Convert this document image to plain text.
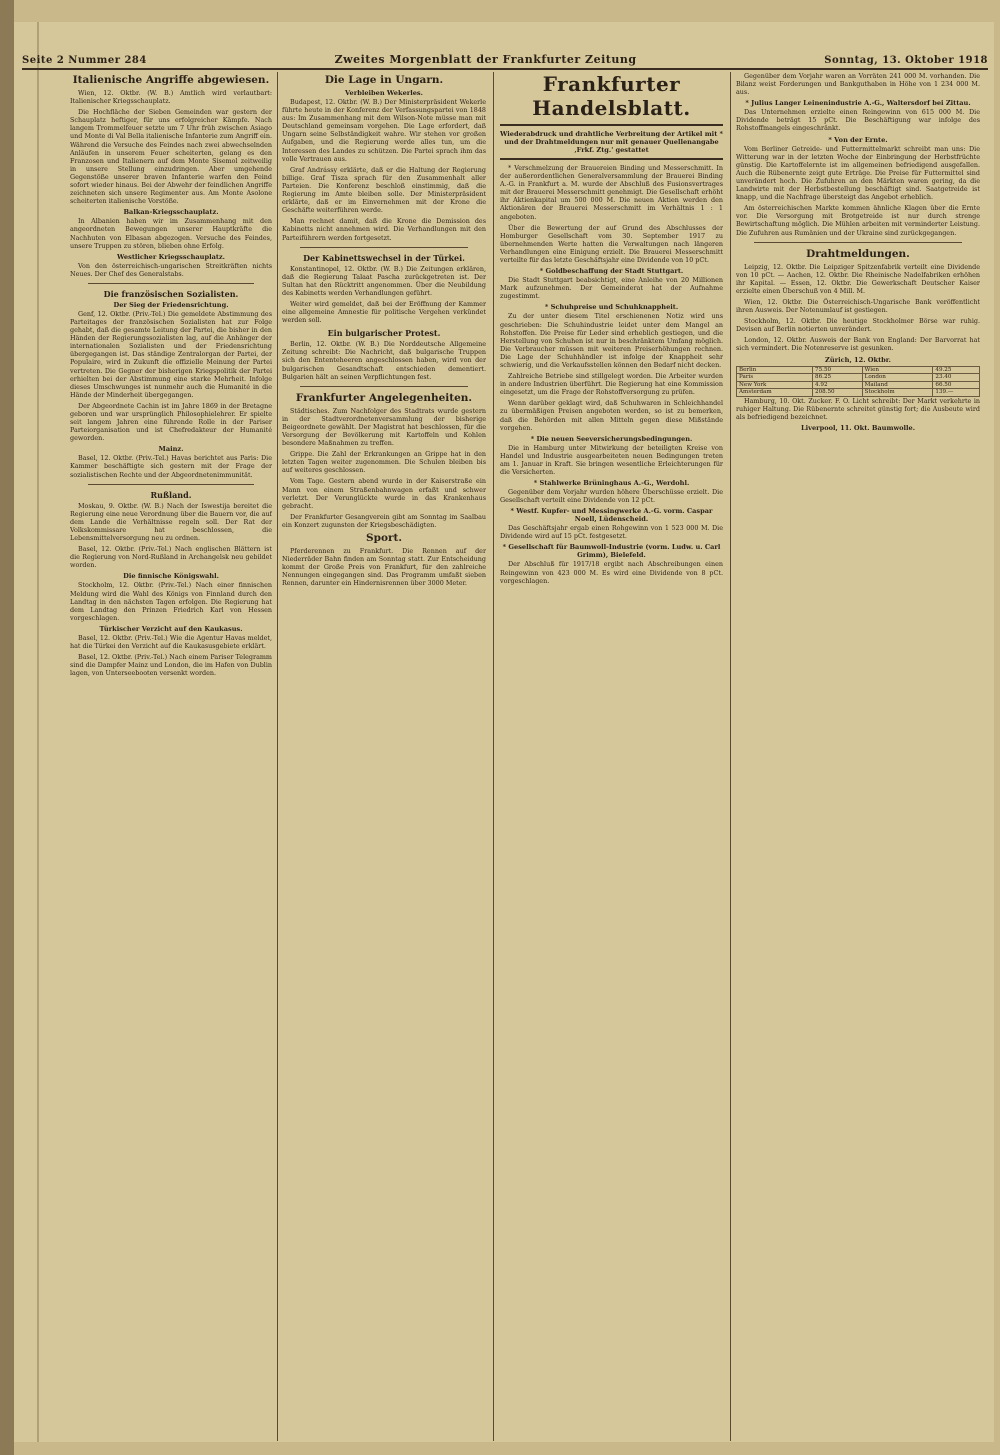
Seite 2 Nummer 284	Zweites Morgenblatt der Frankfurter Zeitung	Sonntag, 13. Oktober 1918
Italienische Angriffe abgewiesen.

Wien, 12. Oktbr. (W. B.) Amtlich wird verlautbart: Italienischer Kriegsschauplatz.

Die Hochfläche der Sieben Gemeinden war gestern der Schauplatz heftiger, für uns erfolgreicher Kämpfe. Nach langem Trommelfeuer setzte um 7 Uhr früh zwischen Asiago und Monte di Val Bella italienische Infanterie zum Angriff ein. Während die Versuche des Feindes nach zwei abwechselnden Anläufen in unserem Feuer scheiterten, gelang es den Franzosen und Italienern auf dem Monte Sisemol zeitweilig in unsere Stellung einzudringen. Aber umgehende Gegenstöße unserer braven Infanterie warfen den Feind sofort wieder hinaus. Bei der Abwehr der feindlichen Angriffe zeichneten sich unsere Regimenter aus. Am Monte Asolone scheiterten italienische Vorstöße.

Balkan-Kriegsschauplatz.

In Albanien haben wir im Zusammenhang mit den angeordneten Bewegungen unserer Hauptkräfte die Nachhuten von Elbasan abgezogen. Versuche des Feindes, unsere Truppen zu stören, blieben ohne Erfolg.

Westlicher Kriegsschauplatz.

Von den österreichisch-ungarischen Streitkräften nichts Neues. Der Chef des Generalstabs.

Die französischen Sozialisten.
Der Sieg der Friedensrichtung.

Genf, 12. Oktbr. (Priv.-Tel.) Die gemeldete Abstimmung des Parteitages der französischen Sozialisten hat zur Folge gehabt, daß die gesamte Leitung der Partei, die bisher in den Händen der Regierungssozialisten lag, auf die Anhänger der internationalen Sozialisten und der Friedensrichtung übergegangen ist. Das ständige Zentralorgan der Partei, der Populaire, wird in Zukunft die offizielle Meinung der Partei vertreten. Die Gegner der bisherigen Kriegspolitik der Partei erhielten bei der Abstimmung eine starke Mehrheit. Infolge dieses Umschwunges ist nunmehr auch die Humanité in die Hände der Minderheit übergegangen.

Der Abgeordnete Cachin ist im Jahre 1869 in der Bretagne geboren und war ursprünglich Philosophielehrer. Er spielte seit langem Jahren eine führende Rolle in der Pariser Parteiorganisation und ist Chefredakteur der Humanité geworden.

Mainz.

Basel, 12. Oktbr. (Priv.-Tel.) Havas berichtet aus Paris: Die Kammer beschäftigte sich gestern mit der Frage der sozialistischen Rechte und der Abgeordnetenimmunität.

Rußland.

Moskau, 9. Oktbr. (W. B.) Nach der Iswestija bereitet die Regierung eine neue Verordnung über die Bauern vor, die auf dem Lande die Verhältnisse regeln soll. Der Rat der Volkskommissare hat beschlossen, die Lebensmittelversorgung neu zu ordnen.

Basel, 12. Oktbr. (Priv.-Tel.) Nach englischen Blättern ist die Regierung von Nord-Rußland in Archangelsk neu gebildet worden.

Die finnische Königswahl.

Stockholm, 12. Oktbr. (Priv.-Tel.) Nach einer finnischen Meldung wird die Wahl des Königs von Finnland durch den Landtag in den nächsten Tagen erfolgen. Die Regierung hat dem Landtag den Prinzen Friedrich Karl von Hessen vorgeschlagen.

Türkischer Verzicht auf den Kaukasus.

Basel, 12. Oktbr. (Priv.-Tel.) Wie die Agentur Havas meldet, hat die Türkei den Verzicht auf die Kaukasusgebiete erklärt.

Basel, 12. Oktbr. (Priv.-Tel.) Nach einem Pariser Telegramm sind die Dampfer Mainz und London, die im Hafen von Dublin lagen, von Unterseebooten versenkt worden.

Die Lage in Ungarn.
Verbleiben Wekerles.

Budapest, 12. Oktbr. (W. B.) Der Ministerpräsident Wekerle führte heute in der Konferenz der Verfassungspartei von 1848 aus: Im Zusammenhang mit dem Wilson-Note müsse man mit Deutschland gemeinsam vorgehen. Die Lage erfordert, daß Ungarn seine Selbständigkeit wahre. Wir stehen vor großen Aufgaben, und die Regierung werde alles tun, um die Interessen des Landes zu schützen. Die Partei sprach ihm das volle Vertrauen aus.

Graf Andrássy erklärte, daß er die Haltung der Regierung billige. Graf Tisza sprach für den Zusammenhalt aller Parteien. Die Konferenz beschloß einstimmig, daß die Regierung im Amte bleiben solle. Der Ministerpräsident erklärte, daß er im Einvernehmen mit der Krone die Geschäfte weiterführen werde.

Man rechnet damit, daß die Krone die Demission des Kabinetts nicht annehmen wird. Die Verhandlungen mit den Parteiführern werden fortgesetzt.

Der Kabinettswechsel in der Türkei.

Konstantinopel, 12. Oktbr. (W. B.) Die Zeitungen erklären, daß die Regierung Talaat Pascha zurückgetreten ist. Der Sultan hat den Rücktritt angenommen. Über die Neubildung des Kabinetts werden Verhandlungen geführt.

Weiter wird gemeldet, daß bei der Eröffnung der Kammer eine allgemeine Amnestie für politische Vergehen verkündet werden soll.

Ein bulgarischer Protest.

Berlin, 12. Oktbr. (W. B.) Die Norddeutsche Allgemeine Zeitung schreibt: Die Nachricht, daß bulgarische Truppen sich den Ententeheeren angeschlossen haben, wird von der bulgarischen Gesandtschaft entschieden dementiert. Bulgarien hält an seinen Verpflichtungen fest.

Frankfurter Angelegenheiten.

Städtisches. Zum Nachfolger des Stadtrats wurde gestern in der Stadtverordnetenversammlung der bisherige Beigeordnete gewählt. Der Magistrat hat beschlossen, für die Versorgung der Bevölkerung mit Kartoffeln und Kohlen besondere Maßnahmen zu treffen.

Grippe. Die Zahl der Erkrankungen an Grippe hat in den letzten Tagen weiter zugenommen. Die Schulen bleiben bis auf weiteres geschlossen.

Vom Tage. Gestern abend wurde in der Kaiserstraße ein Mann von einem Straßenbahnwagen erfaßt und schwer verletzt. Der Verunglückte wurde in das Krankenhaus gebracht.

Der Frankfurter Gesangverein gibt am Sonntag im Saalbau ein Konzert zugunsten der Kriegsbeschädigten.

Sport.

Pferderennen zu Frankfurt. Die Rennen auf der Niederräder Bahn finden am Sonntag statt. Zur Entscheidung kommt der Große Preis von Frankfurt, für den zahlreiche Nennungen eingegangen sind. Das Programm umfaßt sieben Rennen, darunter ein Hindernisrennen über 3000 Meter.

Frankfurter Handelsblatt.
Wiederabdruck und drahtliche Verbreitung der Artikel mit * und der Drahtmeldungen nur mit genauer Quellenangabe ‚Frkf. Ztg.' gestattet

* Verschmelzung der Brauereien Binding und Messerschmitt. In der außerordentlichen Generalversammlung der Brauerei Binding A.-G. in Frankfurt a. M. wurde der Abschluß des Fusionsvertrages mit der Brauerei Messerschmitt genehmigt. Die Gesellschaft erhöht ihr Aktienkapital um 500 000 M. Die neuen Aktien werden den Aktionären der Brauerei Messerschmitt im Verhältnis 1 : 1 angeboten.

Über die Bewertung der auf Grund des Abschlusses der Homburger Gesellschaft vom 30. September 1917 zu übernehmenden Werte hatten die Verwaltungen nach längeren Verhandlungen eine Einigung erzielt. Die Brauerei Messerschmitt verteilte für das letzte Geschäftsjahr eine Dividende von 10 pCt.

* Goldbeschaffung der Stadt Stuttgart.

Die Stadt Stuttgart beabsichtigt, eine Anleihe von 20 Millionen Mark aufzunehmen. Der Gemeinderat hat der Aufnahme zugestimmt.

* Schuhpreise und Schuhknappheit.

Zu der unter diesem Titel erschienenen Notiz wird uns geschrieben: Die Schuhindustrie leidet unter dem Mangel an Rohstoffen. Die Preise für Leder sind erheblich gestiegen, und die Herstellung von Schuhen ist nur in beschränktem Umfang möglich. Die Verbraucher müssen mit weiteren Preiserhöhungen rechnen. Die Lage der Schuhhändler ist infolge der Knappheit sehr schwierig, und die Verkaufsstellen können den Bedarf nicht decken.

Zahlreiche Betriebe sind stillgelegt worden. Die Arbeiter wurden in andere Industrien überführt. Die Regierung hat eine Kommission eingesetzt, um die Frage der Rohstoffversorgung zu prüfen.

Wenn darüber geklagt wird, daß Schuhwaren in Schleichhandel zu übermäßigen Preisen angeboten werden, so ist zu bemerken, daß die Behörden mit allen Mitteln gegen diese Mißstände vorgehen.

* Die neuen Seeversicherungsbedingungen.

Die in Hamburg unter Mitwirkung der beteiligten Kreise von Handel und Industrie ausgearbeiteten neuen Bedingungen treten am 1. Januar in Kraft. Sie bringen wesentliche Erleichterungen für die Versicherten.

* Stahlwerke Brüninghaus A.-G., Werdohl.

Gegenüber dem Vorjahr wurden höhere Überschüsse erzielt. Die Gesellschaft verteilt eine Dividende von 12 pCt.

* Westf. Kupfer- und Messingwerke A.-G. vorm. Caspar Noell, Lüdenscheid.

Das Geschäftsjahr ergab einen Rohgewinn von 1 523 000 M. Die Dividende wird auf 15 pCt. festgesetzt.

* Gesellschaft für Baumwoll-Industrie (vorm. Ludw. u. Carl Grimm), Bielefeld.

Der Abschluß für 1917/18 ergibt nach Abschreibungen einen Reingewinn von 423 000 M. Es wird eine Dividende von 8 pCt. vorgeschlagen.

Gegenüber dem Vorjahr waren an Vorräten 241 000 M. vorhanden. Die Bilanz weist Forderungen und Bankguthaben in Höhe von 1 234 000 M. aus.

* Julius Langer Leinenindustrie A.-G., Waltersdorf bei Zittau.

Das Unternehmen erzielte einen Reingewinn von 615 000 M. Die Dividende beträgt 15 pCt. Die Beschäftigung war infolge des Rohstoffmangels eingeschränkt.

* Von der Ernte.

Vom Berliner Getreide- und Futtermittelmarkt schreibt man uns: Die Witterung war in der letzten Woche der Einbringung der Herbstfrüchte günstig. Die Kartoffelernte ist im allgemeinen befriedigend ausgefallen. Auch die Rübenernte zeigt gute Erträge. Die Preise für Futtermittel sind unverändert hoch. Die Zufuhren an den Märkten waren gering, da die Landwirte mit der Herbstbestellung beschäftigt sind. Saatgetreide ist knapp, und die Nachfrage übersteigt das Angebot erheblich.

Am österreichischen Markte kommen ähnliche Klagen über die Ernte vor. Die Versorgung mit Brotgetreide ist nur durch strenge Bewirtschaftung möglich. Die Mühlen arbeiten mit verminderter Leistung. Die Zufuhren aus Rumänien und der Ukraine sind zurückgegangen.

Drahtmeldungen.

Leipzig, 12. Oktbr. Die Leipziger Spitzenfabrik verteilt eine Dividende von 10 pCt. — Aachen, 12. Oktbr. Die Rheinische Nadelfabriken erhöhen ihr Kapital. — Essen, 12. Oktbr. Die Gewerkschaft Deutscher Kaiser erzielte einen Überschuß von 4 Mill. M.

Wien, 12. Oktbr. Die Österreichisch-Ungarische Bank veröffentlicht ihren Ausweis. Der Notenumlauf ist gestiegen.

Stockholm, 12. Oktbr. Die heutige Stockholmer Börse war ruhig. Devisen auf Berlin notierten unverändert.

London, 12. Oktbr. Ausweis der Bank von England: Der Barvorrat hat sich vermindert. Die Notenreserve ist gesunken.

Zürich, 12. Oktbr.
Berlin	75.50	Wien	49.25
Paris	86.25	London	23.40
New York	4.92	Mailand	66.50
Amsterdam	208.50	Stockholm	139.—

Hamburg, 10. Okt. Zucker. F. O. Licht schreibt: Der Markt verkehrte in ruhiger Haltung. Die Rübenernte schreitet günstig fort; die Ausbeute wird als befriedigend bezeichnet.

Liverpool, 11. Okt. Baumwolle.
